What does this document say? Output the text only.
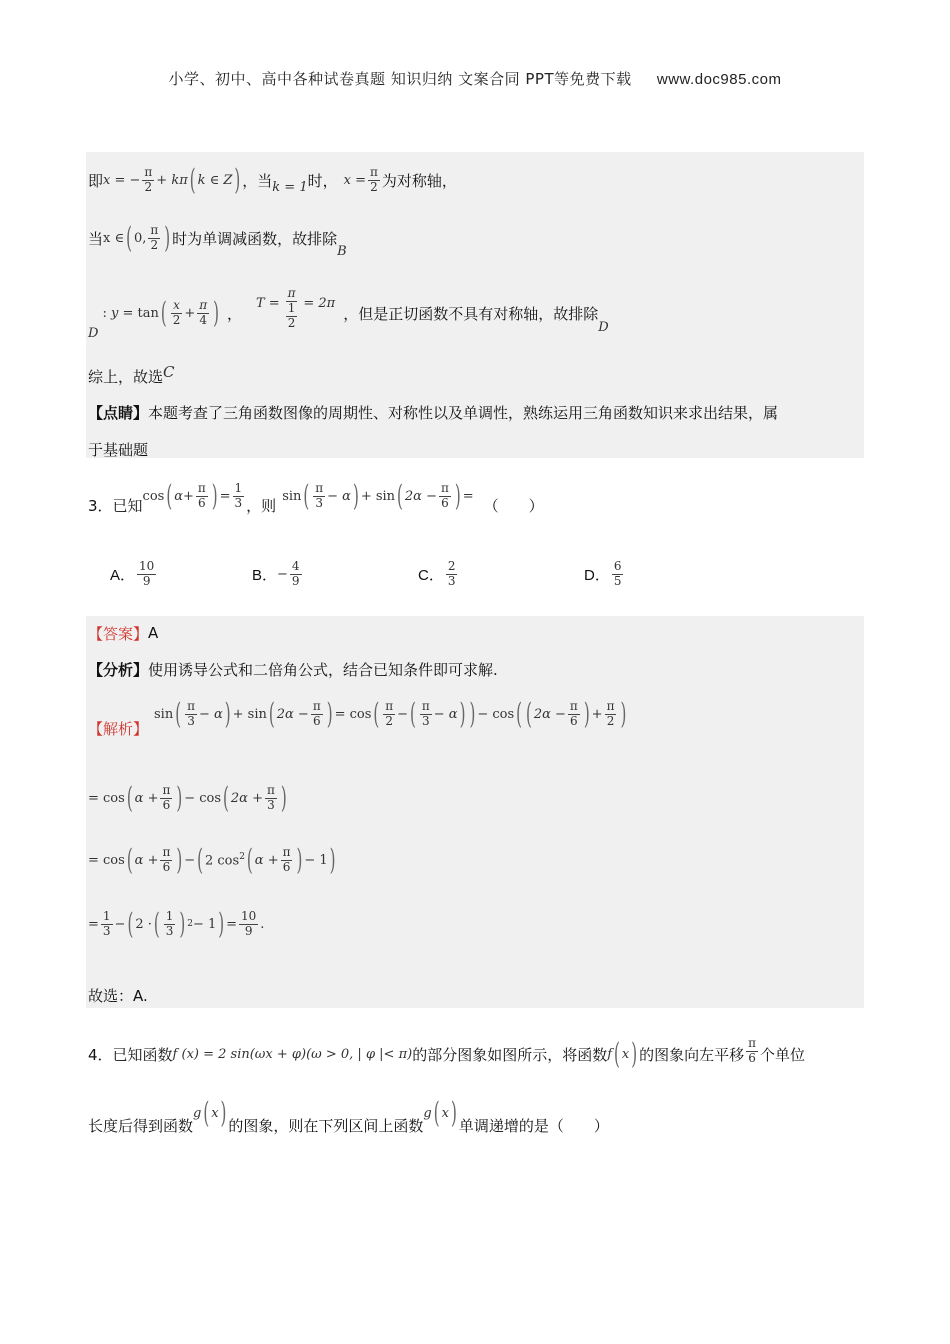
小学、初中、高中各种试卷真题 知识归纳 文案合同 PPT等免费下载 www.doc985.com
即 x = − $\frac{\pi}{2} + k\pi$ ( k ∈ Z ) ，当 k = 1 时， $x = \frac{\pi}{2}$ 为对称轴，
当 x ∈ ( 0, $\frac{\pi}{2}$ ) 时为单调减函数，故排除
B
D
: y = tan ( $\frac{x}{2} + \frac{\pi}{4}$ ) ，
$T = \frac{\pi}{\frac{1}{2}} = 2\pi$
，但是正切函数不具有对称轴，故排除
D
综上，故选 C
【点睛】 本题考查了三角函数图像的周期性、对称性以及单调性，熟练运用三角函数知识来求出结果，属
于基础题
3．已知
cos ( $\alpha + \frac{\pi}{6}$ ) = $\frac{1}{3}$ ，则
sin ( $\frac{\pi}{3} - \alpha$ ) + sin ( $2\alpha - \frac{\pi}{6}$ ) =
（　　）
A． $\frac{10}{9}$	B． − $\frac{4}{9}$	C． $\frac{2}{3}$	D． $\frac{6}{5}$
【答案】 A
【分析】 使用诱导公式和二倍角公式，结合已知条件即可求解.
【解析】
sin ( $\frac{\pi}{3} - \alpha$ ) + sin ( $2\alpha - \frac{\pi}{6}$ ) = cos ( $\frac{\pi}{2}$ − ( $\frac{\pi}{3} - \alpha$ ) ) − cos ( ( $2\alpha - \frac{\pi}{6}$ ) + $\frac{\pi}{2}$ )
= cos ( $\alpha + \frac{\pi}{6}$ ) − cos ( $2\alpha + \frac{\pi}{3}$ )
= cos ( $\alpha + \frac{\pi}{6}$ ) − ( 2 $\cos^2$ ( $\alpha + \frac{\pi}{6}$ ) − 1 )
= $\frac{1}{3}$ − ( 2 · ( $\frac{1}{3}$ ) 2 − 1 ) = $\frac{10}{9}$ .
故选：A.
4．已知函数 f (x) = 2 sin(ωx + φ)(ω > 0, | φ |< π) 的部分图象如图所示，将函数 f ( x ) 的图象向左平移 $\frac{\pi}{6}$ 个单位
长度后得到函数
g ( x ) 的图象，则在下列区间上函数
g ( x ) 单调递增的是（　　）
